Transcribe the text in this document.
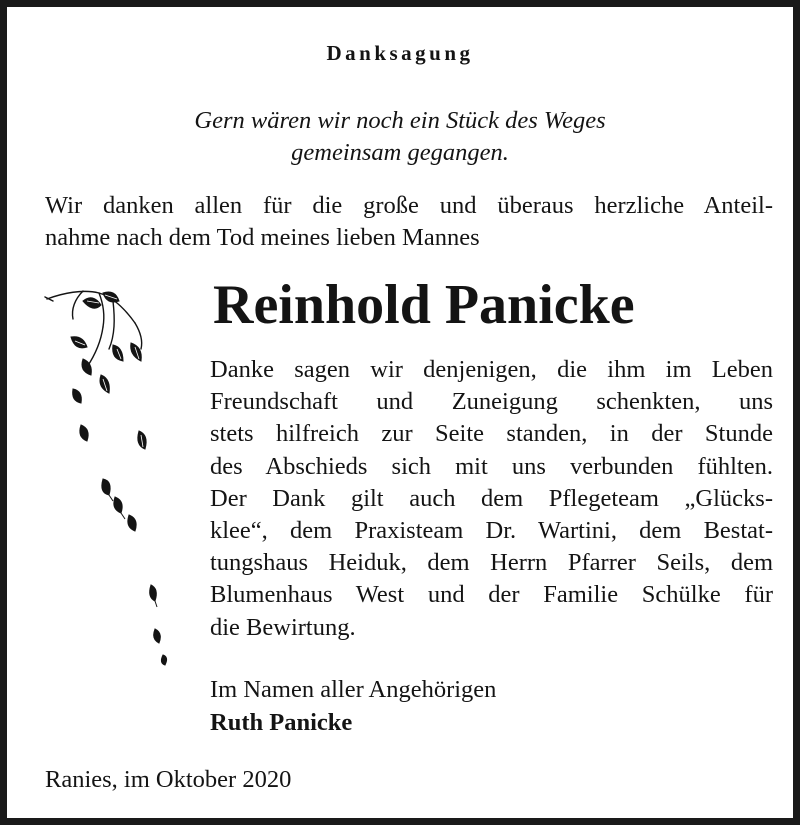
Danksagung
Gern wären wir noch ein Stück des Weges
gemeinsam gegangen.
Wir danken allen für die große und überaus herzliche Anteil-
nahme nach dem Tod meines lieben Mannes
Reinhold Panicke
Danke sagen wir denjenigen, die ihm im Leben
Freundschaft und Zuneigung schenkten, uns
stets hilfreich zur Seite standen, in der Stunde
des Abschieds sich mit uns verbunden fühlten.
Der Dank gilt auch dem Pflegeteam „Glücks-
klee“, dem Praxisteam Dr. Wartini, dem Bestat-
tungshaus Heiduk, dem Herrn Pfarrer Seils, dem
Blumenhaus West und der Familie Schülke für
die Bewirtung.
Im Namen aller Angehörigen
Ruth Panicke
Ranies, im Oktober 2020
